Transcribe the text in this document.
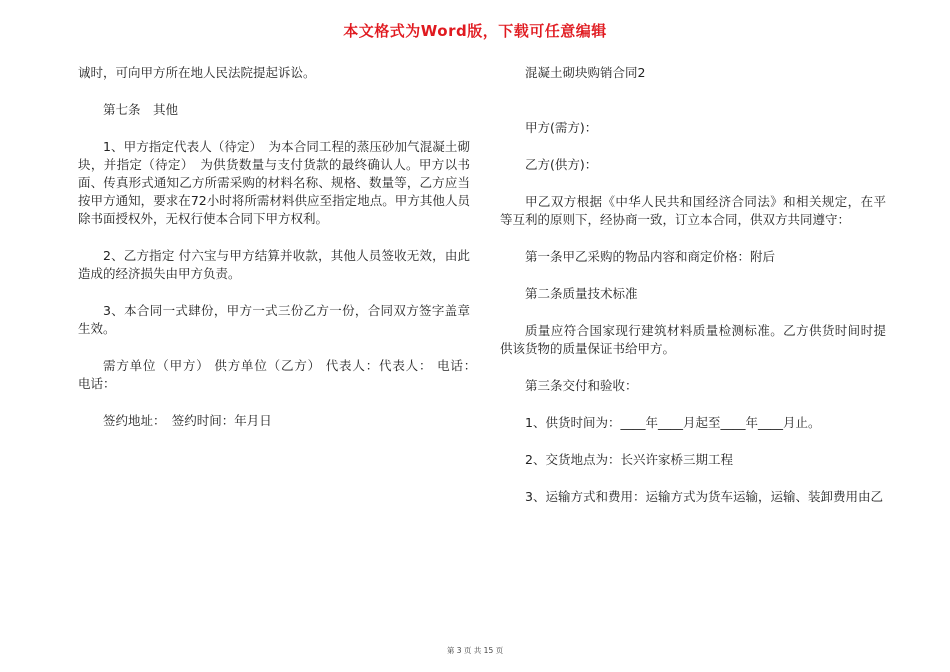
本文格式为Word版，下载可任意编辑

诚时，可向甲方所在地人民法院提起诉讼。

第七条　其他

1、甲方指定代表人（待定）　为本合同工程的蒸压砂加气混凝土砌块，并指定（待定）　为供货数量与支付货款的最终确认人。甲方以书面、传真形式通知乙方所需采购的材料名称、规格、数量等，乙方应当按甲方通知，要求在72小时将所需材料供应至指定地点。甲方其他人员除书面授权外，无权行使本合同下甲方权利。

2、乙方指定 付六宝与甲方结算并收款，其他人员签收无效，由此造成的经济损失由甲方负责。

3、本合同一式肆份，甲方一式三份乙方一份，合同双方签字盖章生效。

需方单位（甲方） 供方单位（乙方） 代表人：代表人： 电话：　电话：

签约地址：　签约时间：年月日

混凝土砌块购销合同2

甲方(需方)：

乙方(供方)：

甲乙双方根据《中华人民共和国经济合同法》和相关规定，在平等互利的原则下，经协商一致，订立本合同，供双方共同遵守：

第一条甲乙采购的物品内容和商定价格：附后

第二条质量技术标准

质量应符合国家现行建筑材料质量检测标准。乙方供货时间时提供该货物的质量保证书给甲方。

第三条交付和验收：

1、供货时间为：____年____月起至____年____月止。

2、交货地点为：长兴许家桥三期工程

3、运输方式和费用：运输方式为货车运输，运输、装卸费用由乙

第 3 页 共 15 页
